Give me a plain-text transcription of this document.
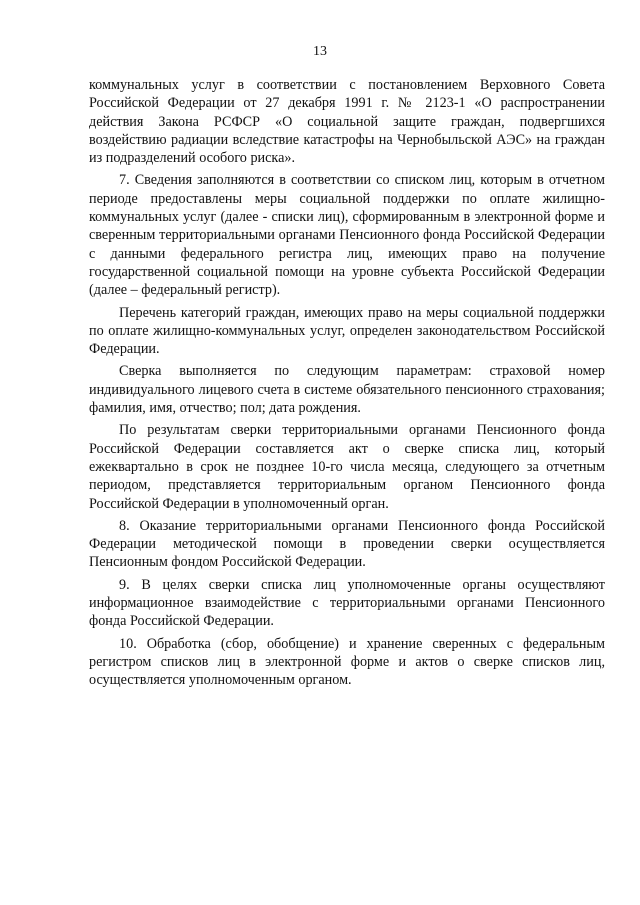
13

коммунальных услуг в соответствии с постановлением Верховного Совета Российской Федерации от 27 декабря 1991 г. № 2123-1 «О распространении действия Закона РСФСР «О социальной защите граждан, подвергшихся воздействию радиации вследствие катастрофы на Чернобыльской АЭС» на граждан из подразделений особого риска».

7. Сведения заполняются в соответствии со списком лиц, которым в отчетном периоде предоставлены меры социальной поддержки по оплате жилищно-коммунальных услуг (далее - списки лиц), сформированным в электронной форме и сверенным территориальными органами Пенсионного фонда Российской Федерации с данными федерального регистра лиц, имеющих право на получение государственной социальной помощи на уровне субъекта Российской Федерации (далее – федеральный регистр).

Перечень категорий граждан, имеющих право на меры социальной поддержки по оплате жилищно-коммунальных услуг, определен законодательством Российской Федерации.

Сверка выполняется по следующим параметрам: страховой номер индивидуального лицевого счета в системе обязательного пенсионного страхования; фамилия, имя, отчество; пол; дата рождения.

По результатам сверки территориальными органами Пенсионного фонда Российской Федерации составляется акт о сверке списка лиц, который ежеквартально в срок не позднее 10-го числа месяца, следующего за отчетным периодом, представляется территориальным органом Пенсионного фонда Российской Федерации в уполномоченный орган.

8. Оказание территориальными органами Пенсионного фонда Российской Федерации методической помощи в проведении сверки осуществляется Пенсионным фондом Российской Федерации.

9. В целях сверки списка лиц уполномоченные органы осуществляют информационное взаимодействие с территориальными органами Пенсионного фонда Российской Федерации.

10. Обработка (сбор, обобщение) и хранение сверенных с федеральным регистром списков лиц в электронной форме и актов о сверке списков лиц, осуществляется уполномоченным органом.
